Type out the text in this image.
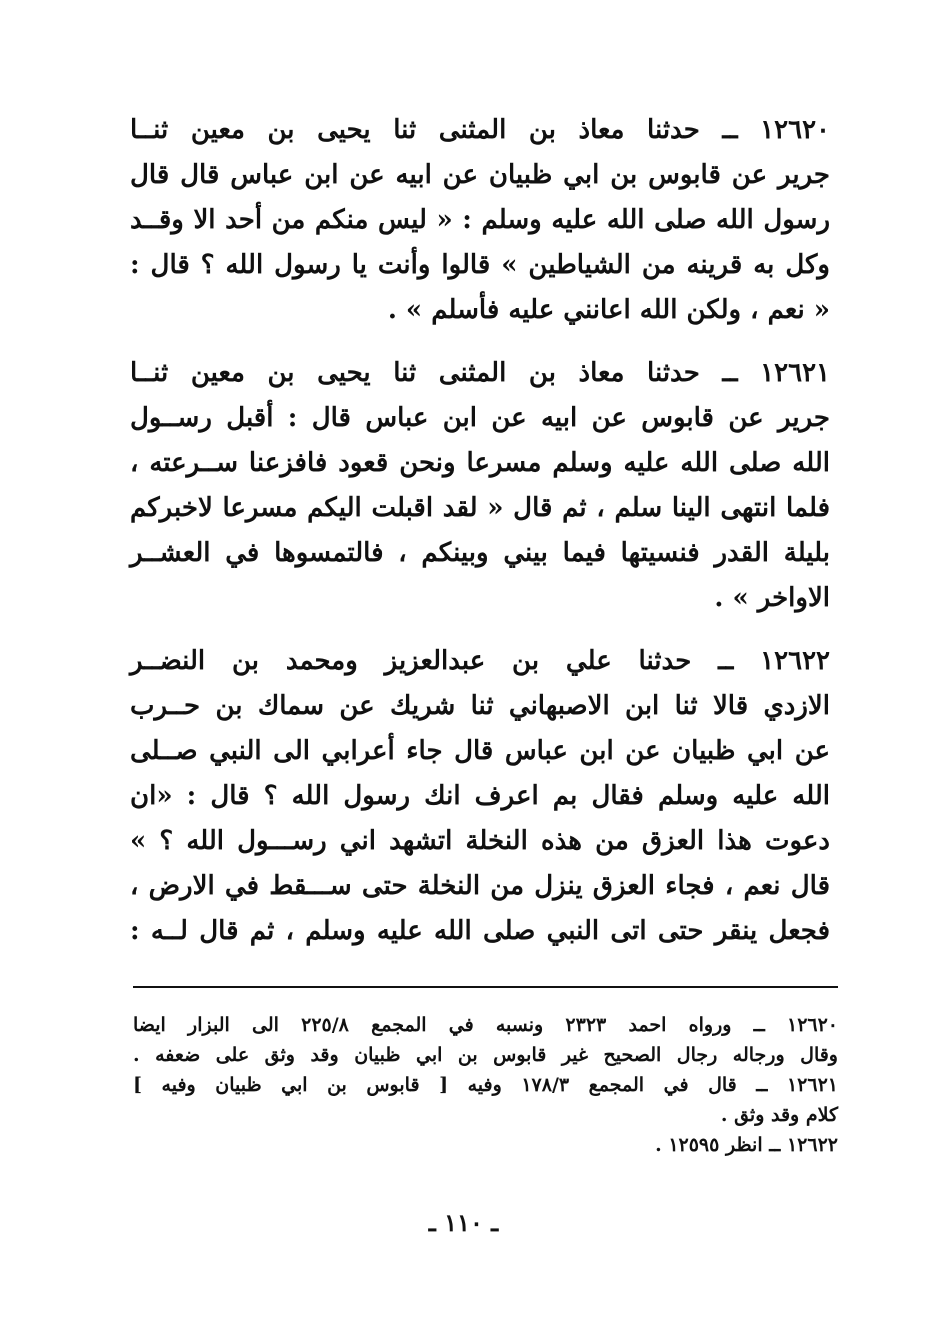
١٢٦٢٠ ــ حدثنا معاذ بن المثنى ثنا يحيى بن معين ثنــا
جرير عن قابوس بن ابي ظبيان عن ابيه عن ابن عباس قال قال
رسول الله صلى الله عليه وسلم : « ليس منكم من أحد الا وقــد
وكل به قرينه من الشياطين » قالوا وأنت يا رسول الله ؟ قال :
« نعم ، ولكن الله اعانني عليه فأسلم » .
١٢٦٢١ ــ حدثنا معاذ بن المثنى ثنا يحيى بن معين ثنــا
جرير عن قابوس عن ابيه عن ابن عباس قال : أقبل رســول
الله صلى الله عليه وسلم مسرعا ونحن قعود فافزعنا ســرعته ،
فلما انتهى الينا سلم ، ثم قال « لقد اقبلت اليكم مسرعا لاخبركم
بليلة القدر فنسيتها فيما بيني وبينكم ، فالتمسوها في العشــر
الاواخر » .
١٢٦٢٢ ــ حدثنا علي بن عبدالعزيز ومحمد بن النضــر
الازدي قالا ثنا ابن الاصبهاني ثنا شريك عن سماك بن حــرب
عن ابي ظبيان عن ابن عباس قال جاء أعرابي الى النبي صــلى
الله عليه وسلم فقال بم اعرف انك رسول الله ؟ قال : «ان
دعوت هذا العزق من هذه النخلة اتشهد اني رســـول الله ؟ »
قال نعم ، فجاء العزق ينزل من النخلة حتى ســـقط في الارض ،
فجعل ينقر حتى اتى النبي صلى الله عليه وسلم ، ثم قال لــه :
١٢٦٢٠ ــ ورواه احمد ٢٣٢٣ ونسبه في المجمع ٢٢٥/٨ الى البزار ايضا
وقال ورجاله رجال الصحيح غير قابوس بن ابي ظبيان وقد وثق على ضعفه .
١٢٦٢١ ــ قال في المجمع ١٧٨/٣ وفيه [ قابوس بن ابي ظبيان وفيه ]
كلام وقد وثق .
١٢٦٢٢ ــ انظر ١٢٥٩٥ .
ـ ١١٠ ـ
